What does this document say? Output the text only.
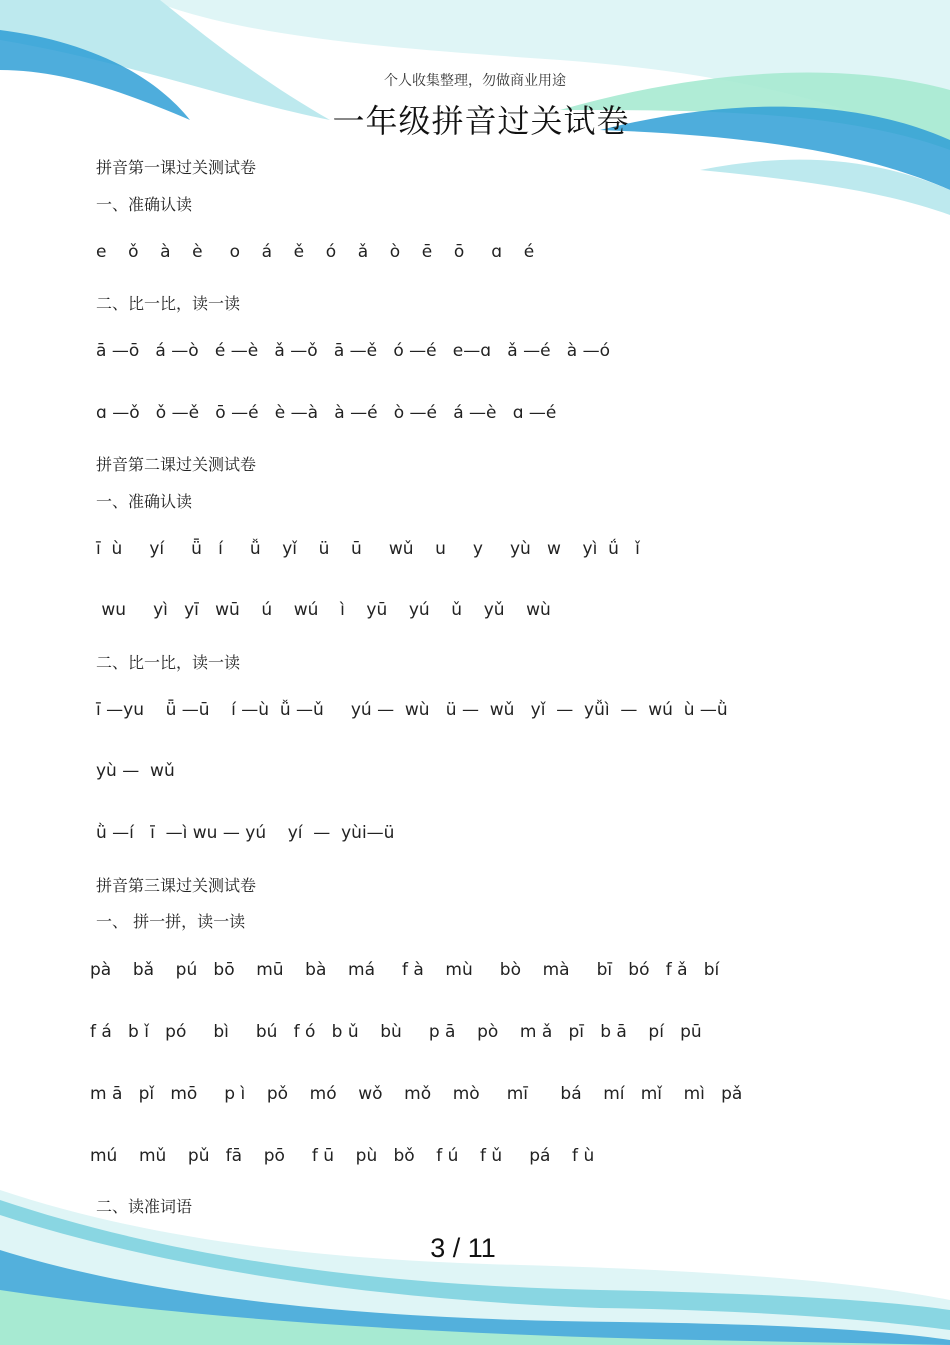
个人收集整理，勿做商业用途
一年级拼音过关试卷
拼音第一课过关测试卷
一、准确认读
e    ǒ    à    è     o    á    ě    ó    ǎ    ò    ē    ō     ɑ    é
二、比一比，读一读
ā —ō   á —ò   é —è   ǎ —ǒ   ā —ě   ó —é   e—ɑ   ǎ —é   à —ó
ɑ —ǒ   ǒ —ě   ō —é   è —à   à —é   ò —é   á —è   ɑ —é
拼音第二课过关测试卷
一、准确认读
ī  ù     yí     ǖ   í     ǚ    yǐ    ü    ū     wǔ    u     y     yù   w    yì  ǘ   ǐ
wu     yì   yī   wū    ú    wú    ì    yū    yú    ǔ    yǔ    wù
二、比一比，读一读
ī —yu    ǖ —ū    í —ù  ǚ —ǔ     yú —  wù   ü —  wǔ   yǐ  —  yǚì  —  wú  ù —ǜ
yù —  wǔ
ǜ —í   ī  —ì wu — yú    yí  —  yùi—ü
拼音第三课过关测试卷
一、 拼一拼，读一读
pà    bǎ    pú   bō    mū    bà    má     f à    mù     bò    mà     bī   bó   f ǎ   bí
f á   b ǐ   pó     bì     bú   f ó   b ǔ    bù     p ā    pò    m ǎ   pī   b ā    pí   pū
m ā   pǐ   mō     p ì    pǒ    mó    wǒ    mǒ    mò     mī      bá    mí   mǐ    mì   pǎ
mú    mǔ    pǔ   fā    pō     f ū    pù   bǒ    f ú    f ǔ     pá    f ù
二、读准词语
3 / 11
